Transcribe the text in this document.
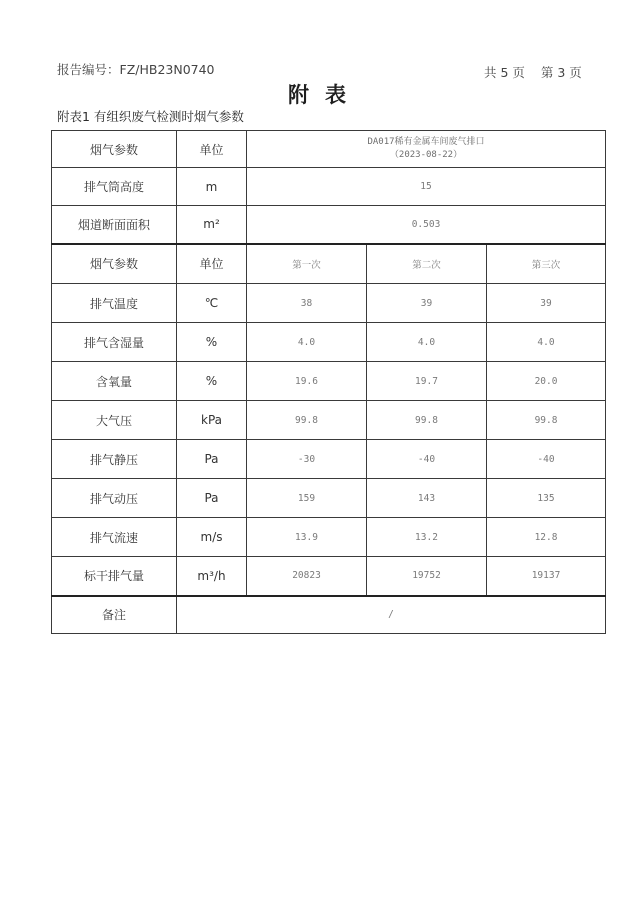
报告编号：FZ/HB23N0740	共 5 页 第 3 页
附表
附表1 有组织废气检测时烟气参数
烟气参数	单位	DA017稀有金属车间废气排口
（2023-08-22）		

排气筒高度	m	15		
烟道断面面积	m²	0.503		
烟气参数	单位	第一次	第二次	第三次
排气温度	℃	38	39	39
排气含湿量	%	4.0	4.0	4.0
含氧量	%	19.6	19.7	20.0
大气压	kPa	99.8	99.8	99.8
排气静压	Pa	-30	-40	-40
排气动压	Pa	159	143	135
排气流速	m/s	13.9	13.2	12.8
标干排气量	m³/h	20823	19752	19137
备注	/			
